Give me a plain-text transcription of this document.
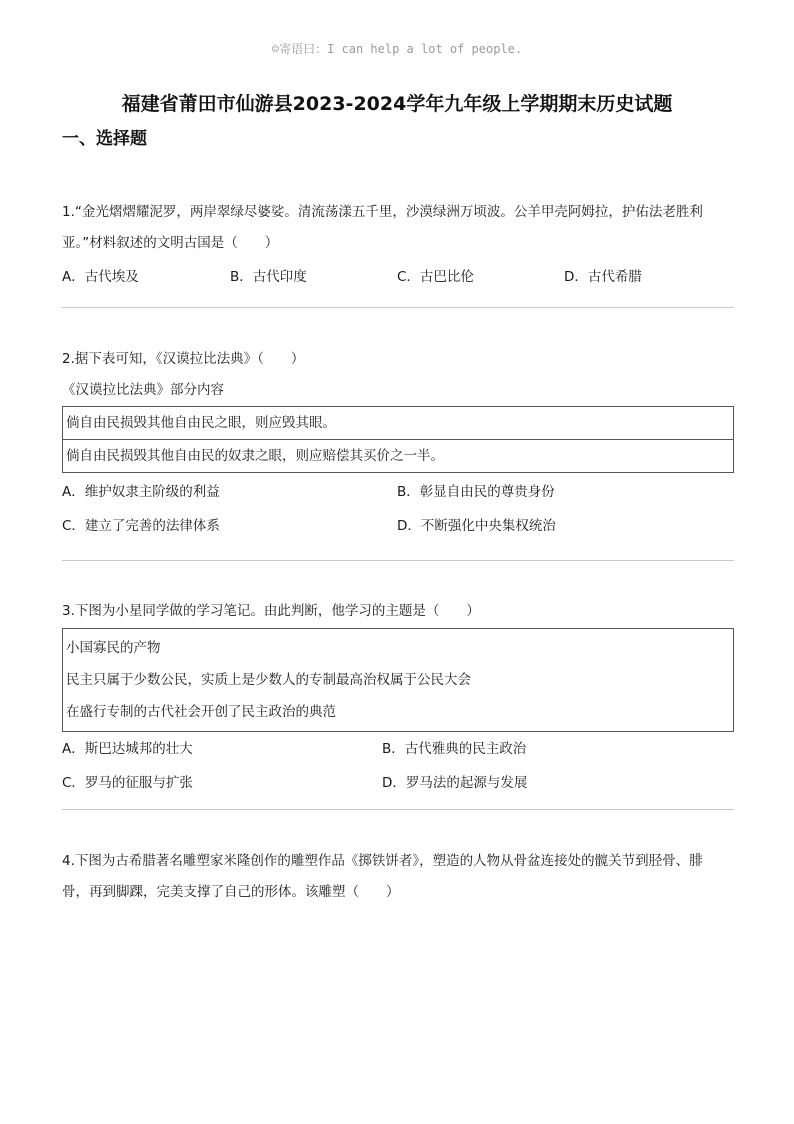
☺寄语曰：I can help a lot of people.
福建省莆田市仙游县2023-2024学年九年级上学期期末历史试题
一、选择题
1.“金光熠熠耀泥罗，两岸翠绿尽婆娑。清流荡漾五千里，沙漠绿洲万顷波。公羊甲壳阿姆拉，护佑法老胜利
亚。”材料叙述的文明古国是（　　）
A．古代埃及	B．古代印度	C．古巴比伦	D．古代希腊
2.据下表可知，《汉谟拉比法典》（　　）
《汉谟拉比法典》部分内容
倘自由民损毁其他自由民之眼，则应毁其眼。
倘自由民损毁其他自由民的奴隶之眼，则应赔偿其买价之一半。
A．维护奴隶主阶级的利益	B．彰显自由民的尊贵身份
C．建立了完善的法律体系	D．不断强化中央集权统治
3.下图为小星同学做的学习笔记。由此判断，他学习的主题是（　　）
小国寡民的产物
民主只属于少数公民，实质上是少数人的专制最高治权属于公民大会
在盛行专制的古代社会开创了民主政治的典范
A．斯巴达城邦的壮大	B．古代雅典的民主政治
C．罗马的征服与扩张	D．罗马法的起源与发展
4.下图为古希腊著名雕塑家米隆创作的雕塑作品《掷铁饼者》，塑造的人物从骨盆连接处的髋关节到胫骨、腓
骨，再到脚踝，完美支撑了自己的形体。该雕塑（　　）
